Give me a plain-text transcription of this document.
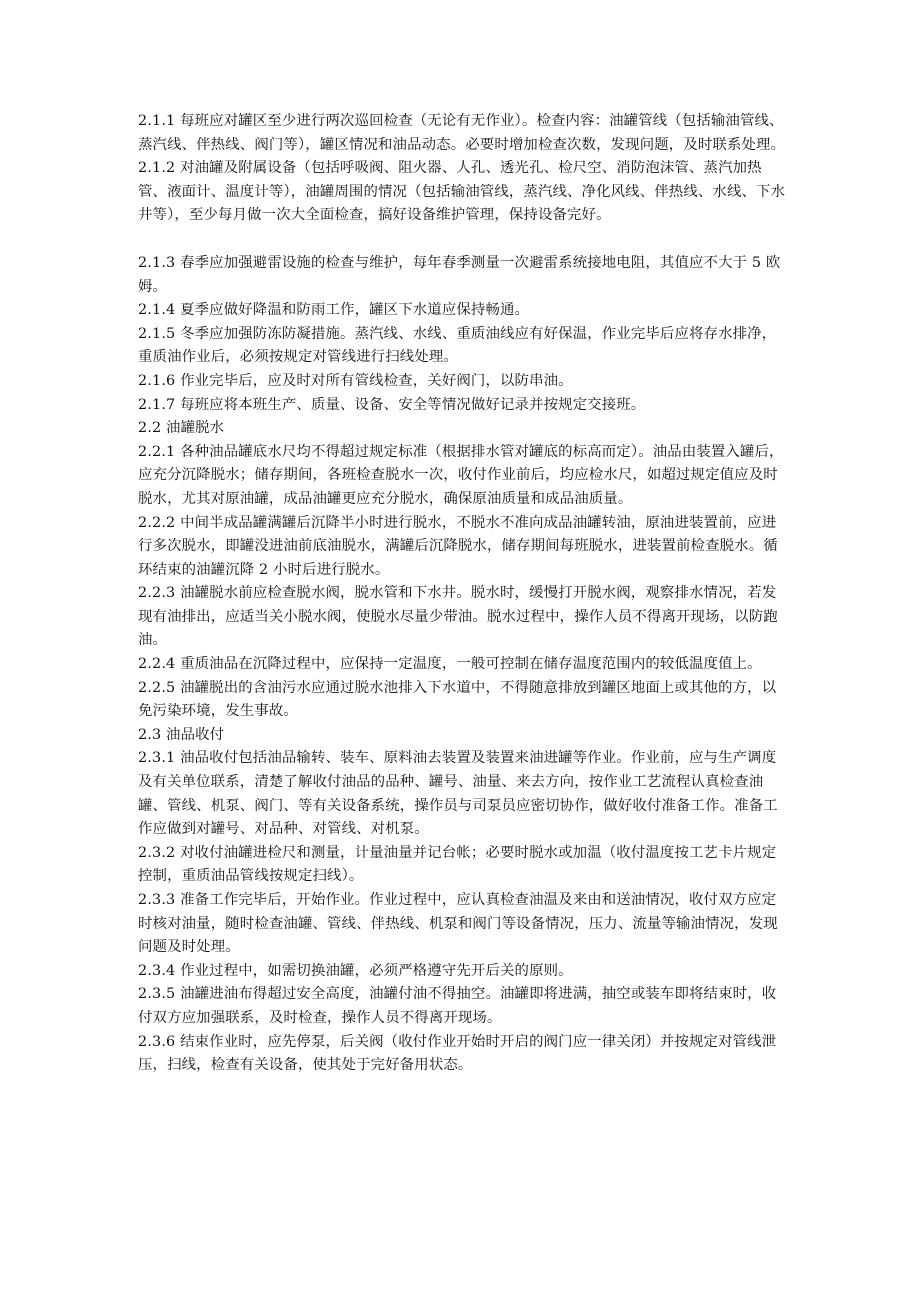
2.1.1 每班应对罐区至少进行两次巡回检查（无论有无作业）。检查内容：油罐管线（包括输油管线、蒸汽线、伴热线、阀门等），罐区情况和油品动态。必要时增加检查次数，发现问题，及时联系处理。

2.1.2 对油罐及附属设备（包括呼吸阀、阻火器、人孔、透光孔、检尺空、消防泡沫管、蒸汽加热管、液面计、温度计等），油罐周围的情况（包括输油管线，蒸汽线、净化风线、伴热线、水线、下水井等），至少每月做一次大全面检查，搞好设备维护管理，保持设备完好。

2.1.3 春季应加强避雷设施的检查与维护，每年春季测量一次避雷系统接地电阻，其值应不大于 5 欧姆。

2.1.4 夏季应做好降温和防雨工作，罐区下水道应保持畅通。

2.1.5 冬季应加强防冻防凝措施。蒸汽线、水线、重质油线应有好保温，作业完毕后应将存水排净，重质油作业后，必须按规定对管线进行扫线处理。

2.1.6 作业完毕后，应及时对所有管线检查，关好阀门，以防串油。

2.1.7 每班应将本班生产、质量、设备、安全等情况做好记录并按规定交接班。

2.2 油罐脱水

2.2.1 各种油品罐底水尺均不得超过规定标准（根据排水管对罐底的标高而定）。油品由装置入罐后，应充分沉降脱水；储存期间，各班检查脱水一次，收付作业前后，均应检水尺，如超过规定值应及时脱水，尤其对原油罐，成品油罐更应充分脱水，确保原油质量和成品油质量。

2.2.2 中间半成品罐满罐后沉降半小时进行脱水，不脱水不准向成品油罐转油，原油进装置前，应进行多次脱水，即罐没进油前底油脱水，满罐后沉降脱水，储存期间每班脱水，进装置前检查脱水。循环结束的油罐沉降 2 小时后进行脱水。

2.2.3 油罐脱水前应检查脱水阀，脱水管和下水井。脱水时，缓慢打开脱水阀，观察排水情况，若发现有油排出，应适当关小脱水阀，使脱水尽量少带油。脱水过程中，操作人员不得离开现场，以防跑油。

2.2.4 重质油品在沉降过程中，应保持一定温度，一般可控制在储存温度范围内的较低温度值上。

2.2.5 油罐脱出的含油污水应通过脱水池排入下水道中，不得随意排放到罐区地面上或其他的方，以免污染环境，发生事故。

2.3 油品收付

2.3.1 油品收付包括油品输转、装车、原料油去装置及装置来油进罐等作业。作业前，应与生产调度及有关单位联系，清楚了解收付油品的品种、罐号、油量、来去方向，按作业工艺流程认真检查油罐、管线、机泵、阀门、等有关设备系统，操作员与司泵员应密切协作，做好收付准备工作。准备工作应做到对罐号、对品种、对管线、对机泵。

2.3.2 对收付油罐进检尺和测量，计量油量并记台帐；必要时脱水或加温（收付温度按工艺卡片规定控制，重质油品管线按规定扫线）。

2.3.3 准备工作完毕后，开始作业。作业过程中，应认真检查油温及来由和送油情况，收付双方应定时核对油量，随时检查油罐、管线、伴热线、机泵和阀门等设备情况，压力、流量等输油情况，发现问题及时处理。

2.3.4 作业过程中，如需切换油罐，必须严格遵守先开后关的原则。

2.3.5 油罐进油布得超过安全高度，油罐付油不得抽空。油罐即将进满，抽空或装车即将结束时，收付双方应加强联系，及时检查，操作人员不得离开现场。

2.3.6 结束作业时，应先停泵，后关阀（收付作业开始时开启的阀门应一律关闭）并按规定对管线泄压，扫线，检查有关设备，使其处于完好备用状态。
